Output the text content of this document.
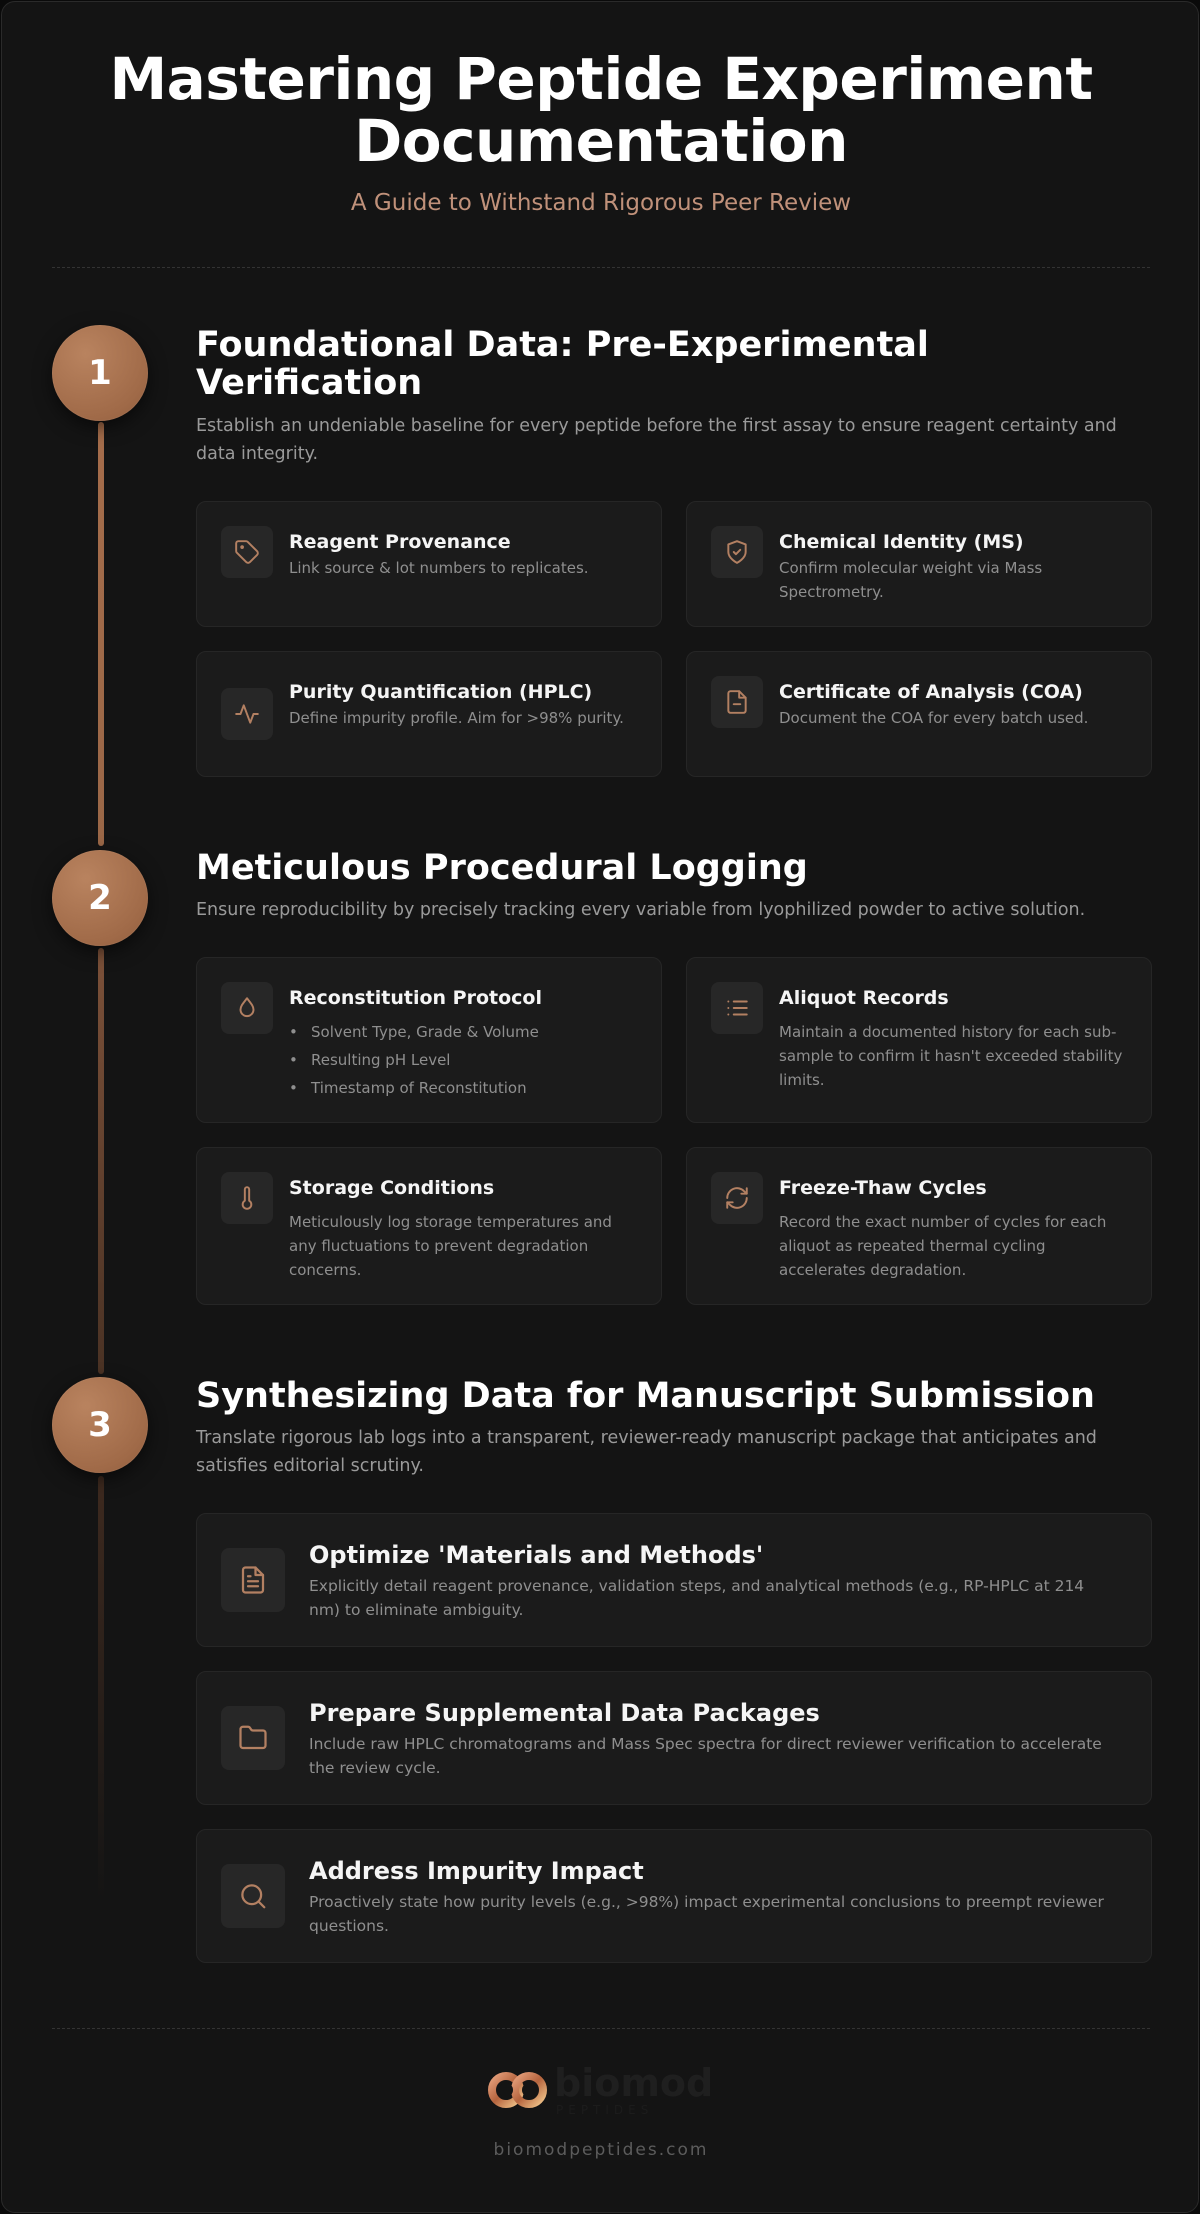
Mastering Peptide Experiment Documentation
A Guide to Withstand Rigorous Peer Review
1
Foundational Data: Pre-Experimental Verification
Establish an undeniable baseline for every peptide before the first assay to ensure reagent certainty and data integrity.
Reagent Provenance
Link source & lot numbers to replicates.
Chemical Identity (MS)
Confirm molecular weight via Mass Spectrometry.
Purity Quantification (HPLC)
Define impurity profile. Aim for >98% purity.
Certificate of Analysis (COA)
Document the COA for every batch used.
2
Meticulous Procedural Logging
Ensure reproducibility by precisely tracking every variable from lyophilized powder to active solution.
Reconstitution Protocol
• Solvent Type, Grade & Volume
• Resulting pH Level
• Timestamp of Reconstitution
Aliquot Records
Maintain a documented history for each sub-sample to confirm it hasn't exceeded stability limits.
Storage Conditions
Meticulously log storage temperatures and any fluctuations to prevent degradation concerns.
Freeze-Thaw Cycles
Record the exact number of cycles for each aliquot as repeated thermal cycling accelerates degradation.
3
Synthesizing Data for Manuscript Submission
Translate rigorous lab logs into a transparent, reviewer-ready manuscript package that anticipates and satisfies editorial scrutiny.
Optimize 'Materials and Methods'
Explicitly detail reagent provenance, validation steps, and analytical methods (e.g., RP-HPLC at 214 nm) to eliminate ambiguity.
Prepare Supplemental Data Packages
Include raw HPLC chromatograms and Mass Spec spectra for direct reviewer verification to accelerate the review cycle.
Address Impurity Impact
Proactively state how purity levels (e.g., >98%) impact experimental conclusions to preempt reviewer questions.
biomod
PEPTIDES
biomodpeptides.com
